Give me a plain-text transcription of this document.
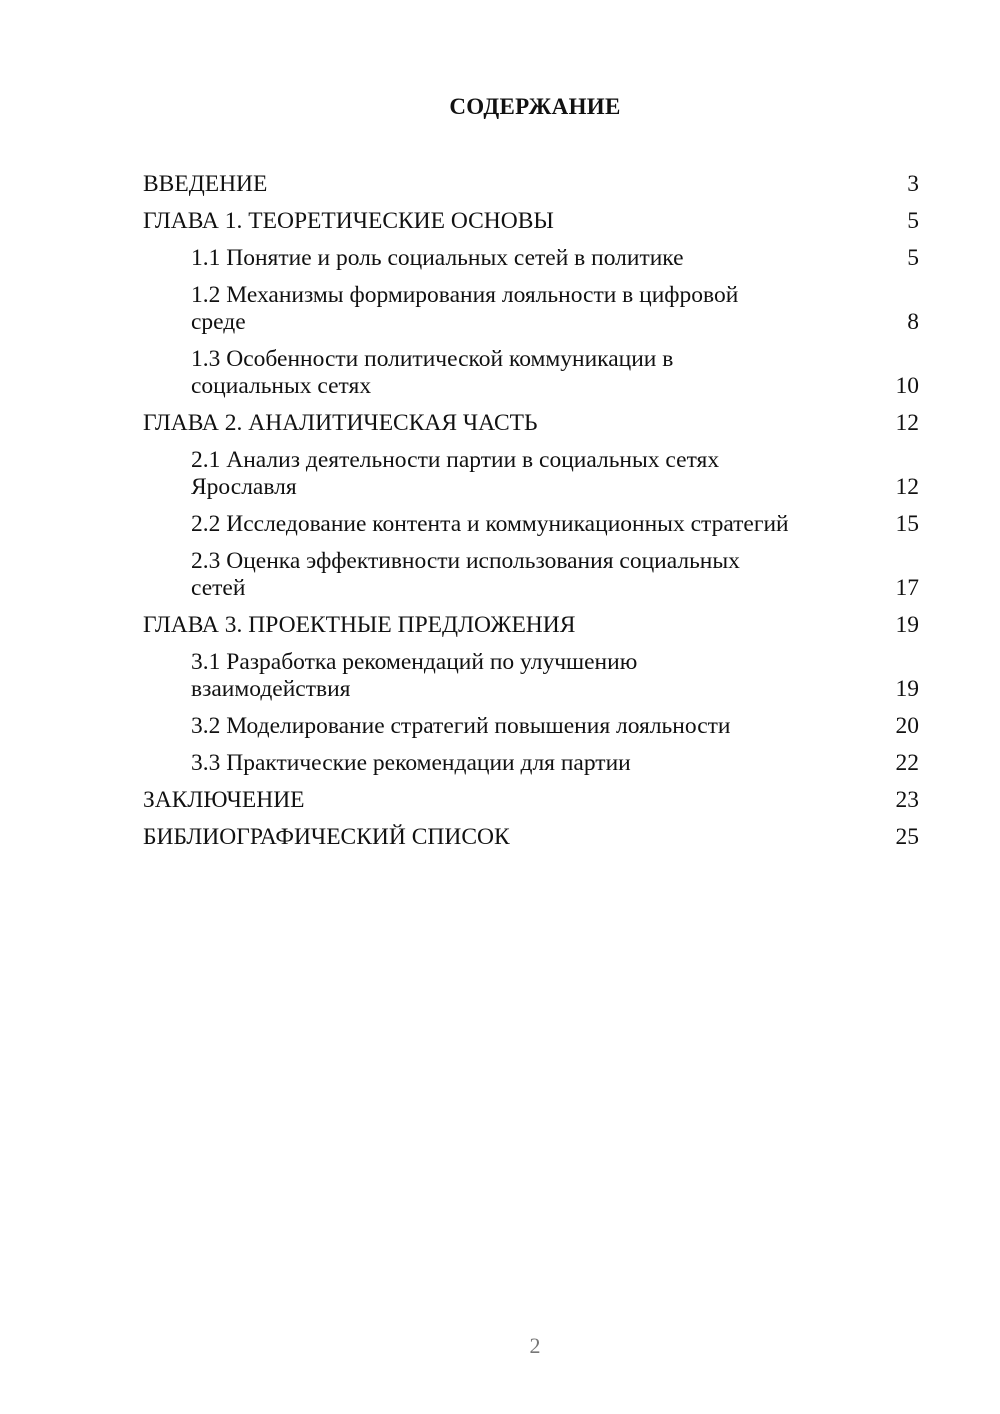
СОДЕРЖАНИЕ
ВВЕДЕНИЕ	3
ГЛАВА 1. ТЕОРЕТИЧЕСКИЕ ОСНОВЫ	5
1.1 Понятие и роль социальных сетей в политике	5
1.2 Механизмы формирования лояльности в цифровой среде	8
1.3 Особенности политической коммуникации в социальных сетях	10
ГЛАВА 2. АНАЛИТИЧЕСКАЯ ЧАСТЬ	12
2.1 Анализ деятельности партии в социальных сетях Ярославля	12
2.2 Исследование контента и коммуникационных стратегий	15
2.3 Оценка эффективности использования социальных сетей	17
ГЛАВА 3. ПРОЕКТНЫЕ ПРЕДЛОЖЕНИЯ	19
3.1 Разработка рекомендаций по улучшению взаимодействия	19
3.2 Моделирование стратегий повышения лояльности	20
3.3 Практические рекомендации для партии	22
ЗАКЛЮЧЕНИЕ	23
БИБЛИОГРАФИЧЕСКИЙ СПИСОК	25
2
